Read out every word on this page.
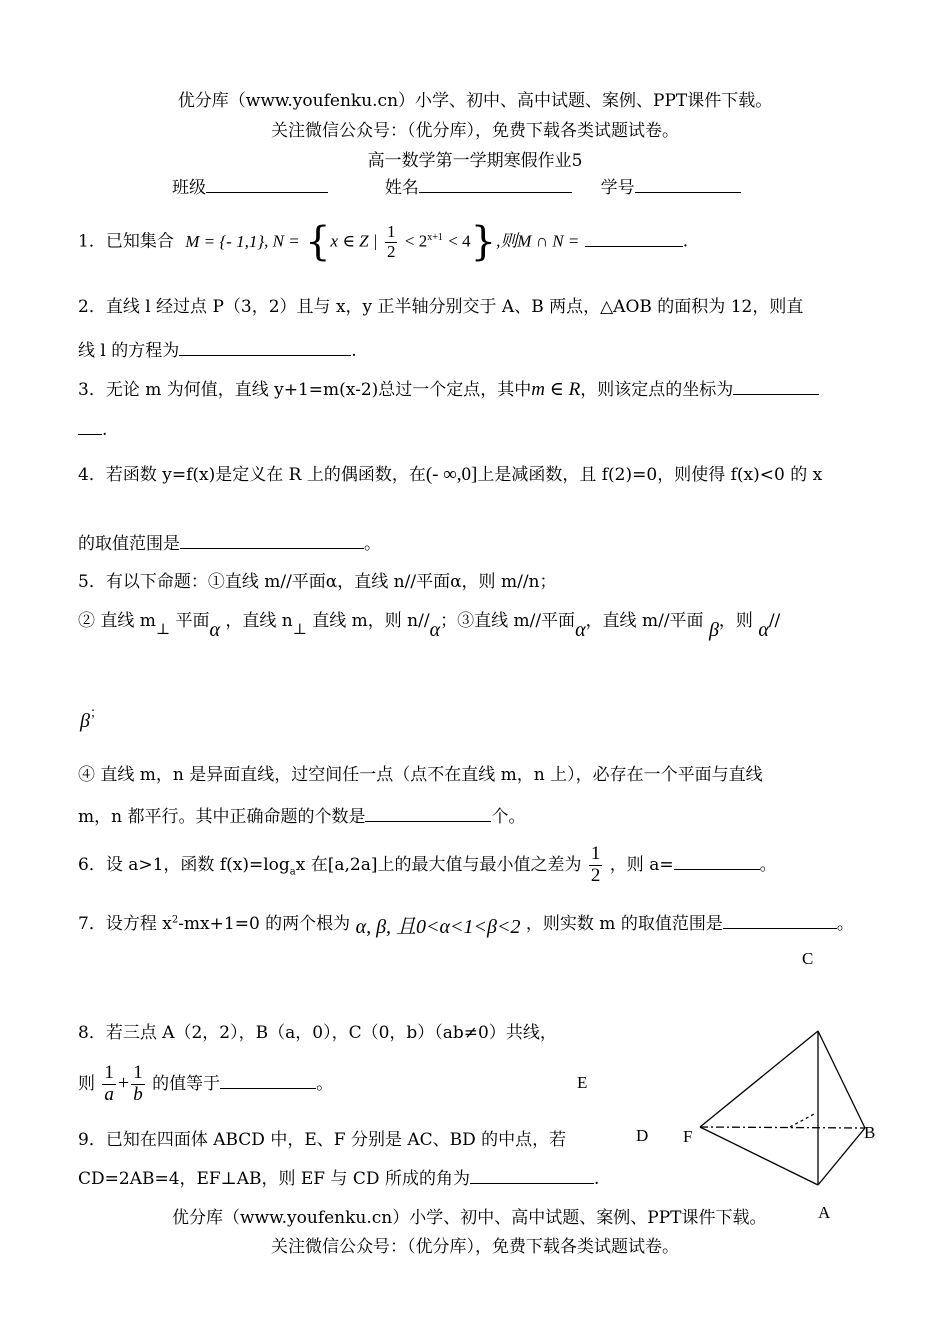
优分库（www.youfenku.cn）小学、初中、高中试题、案例、PPT课件下载。
关注微信公众号：（优分库），免费下载各类试题试卷。
高一数学第一学期寒假作业5
班级	姓名	学号
1．已知集合 M = {- 1,1}, N = {x ∈ Z | $\frac{1}{2} < 2^{x+1} < 4$},则M ∩ N =	.
2．直线 l 经过点 P（3，2）且与 x，y 正半轴分别交于 A、B 两点，△AOB 的面积为 12，则直
线 l 的方程为	.
3．无论 m 为何值，直线 y+1=m(x-2)总过一个定点，其中m ∈ R，则该定点的坐标为
.
4．若函数 y=f(x)是定义在 R 上的偶函数，在(- ∞,0]上是减函数，且 f(2)=0，则使得 f(x)<0 的 x
的取值范围是	。
5．有以下命题：①直线 m//平面α，直线 n//平面α，则 m//n；
② 直线 m⊥ 平面α ，直线 n⊥ 直线 m，则 n//α；③直线 m//平面α，直线 m//平面 β，则 α//
β；
④ 直线 m，n 是异面直线，过空间任一点（点不在直线 m，n 上），必存在一个平面与直线
m，n 都平行。其中正确命题的个数是	个。
6．设 a>1，函数 $f(x)=\log_ax$ 在[a,2a]上的最大值与最小值之差为 $\frac{1}{2}$ ，则 a=	。
7．设方程 $x^2-mx+1=0$ 的两个根为 α, β, 且0<α<1<β<2 ，则实数 m 的取值范围是	。
8．若三点 A（2，2），B（a，0），C（0，b）（ab≠0）共线，
则 $\frac{1}{a} + \frac{1}{b}$ 的值等于	。
9．已知在四面体 ABCD 中，E、F 分别是 AC、BD 的中点，若
CD=2AB=4，EF⊥AB，则 EF 与 CD 所成的角为	.
C
E
D F	B
A
优分库（www.youfenku.cn）小学、初中、高中试题、案例、PPT课件下载。
关注微信公众号：（优分库），免费下载各类试题试卷。
